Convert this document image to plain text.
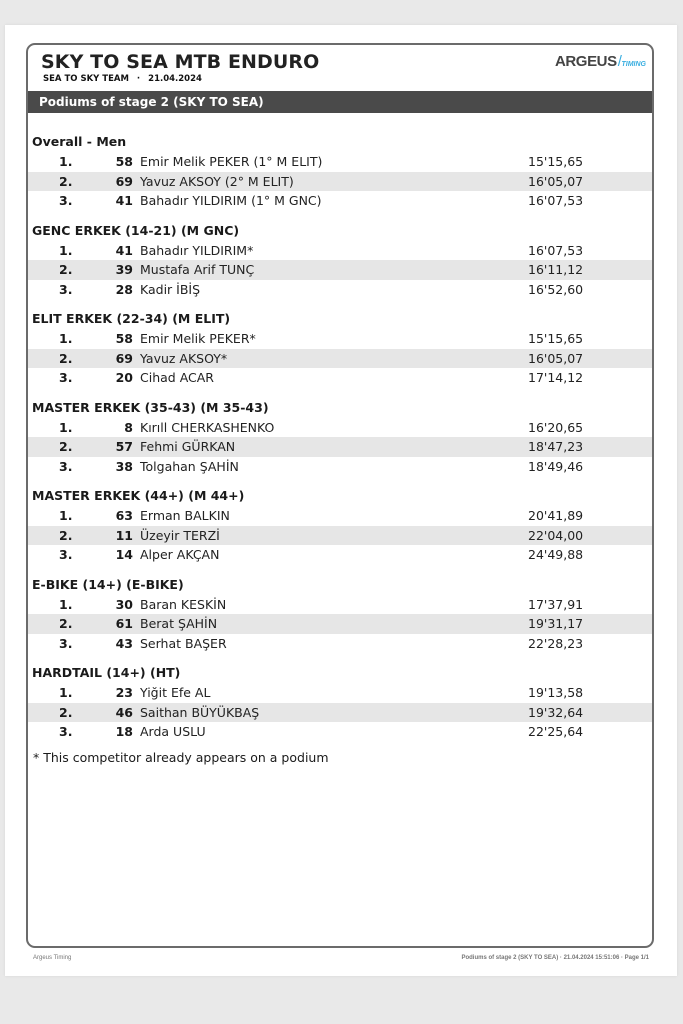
SKY TO SEA MTB ENDURO
SEA TO SKY TEAM · 21.04.2024
ARGEUS/TIMING
Podiums of stage 2 (SKY TO SEA)
Overall - Men
1.	58 Emir Melik PEKER (1° M ELIT)	15'15,65
2.	69 Yavuz AKSOY (2° M ELIT)	16'05,07
3.	41 Bahadır YILDIRIM (1° M GNC)	16'07,53
GENC ERKEK (14-21) (M GNC)
1.	41 Bahadır YILDIRIM*	16'07,53
2.	39 Mustafa Arif TUNÇ	16'11,12
3.	28 Kadir İBİŞ	16'52,60
ELIT ERKEK (22-34) (M ELIT)
1.	58 Emir Melik PEKER*	15'15,65
2.	69 Yavuz AKSOY*	16'05,07
3.	20 Cihad ACAR	17'14,12
MASTER ERKEK (35-43) (M 35-43)
1.	8 Kırıll CHERKASHENKO	16'20,65
2.	57 Fehmi GÜRKAN	18'47,23
3.	38 Tolgahan ŞAHİN	18'49,46
MASTER ERKEK (44+) (M 44+)
1.	63 Erman BALKIN	20'41,89
2.	11 Üzeyir TERZİ	22'04,00
3.	14 Alper AKÇAN	24'49,88
E-BIKE (14+) (E-BIKE)
1.	30 Baran KESKİN	17'37,91
2.	61 Berat ŞAHİN	19'31,17
3.	43 Serhat BAŞER	22'28,23
HARDTAIL (14+) (HT)
1.	23 Yiğit Efe AL	19'13,58
2.	46 Saithan BÜYÜKBAŞ	19'32,64
3.	18 Arda USLU	22'25,64
* This competitor already appears on a podium
Argeus Timing	Podiums of stage 2 (SKY TO SEA) · 21.04.2024 15:51:06 · Page 1/1
